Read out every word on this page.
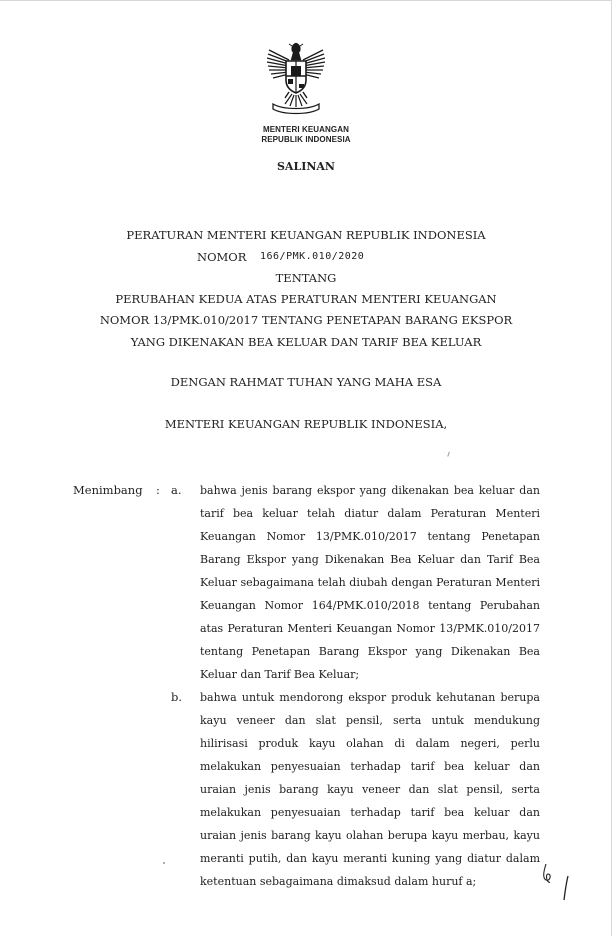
MENTERI KEUANGAN
REPUBLIK INDONESIA
SALINAN
PERATURAN MENTERI KEUANGAN REPUBLIK INDONESIA
NOMOR 166/PMK.010/2020
TENTANG
PERUBAHAN KEDUA ATAS PERATURAN MENTERI KEUANGAN
NOMOR 13/PMK.010/2017 TENTANG PENETAPAN BARANG EKSPOR
YANG DIKENAKAN BEA KELUAR DAN TARIF BEA KELUAR
DENGAN RAHMAT TUHAN YANG MAHA ESA
MENTERI KEUANGAN REPUBLIK INDONESIA,
Menimbang : a. bahwa jenis barang ekspor yang dikenakan bea keluar dan
tarif bea keluar telah diatur dalam Peraturan Menteri
Keuangan Nomor 13/PMK.010/2017 tentang Penetapan
Barang Ekspor yang Dikenakan Bea Keluar dan Tarif Bea
Keluar sebagaimana telah diubah dengan Peraturan Menteri
Keuangan Nomor 164/PMK.010/2018 tentang Perubahan
atas Peraturan Menteri Keuangan Nomor 13/PMK.010/2017
tentang Penetapan Barang Ekspor yang Dikenakan Bea
Keluar dan Tarif Bea Keluar;
b. bahwa untuk mendorong ekspor produk kehutanan berupa
kayu veneer dan slat pensil, serta untuk mendukung
hilirisasi produk kayu olahan di dalam negeri, perlu
melakukan penyesuaian terhadap tarif bea keluar dan
uraian jenis barang kayu veneer dan slat pensil, serta
melakukan penyesuaian terhadap tarif bea keluar dan
uraian jenis barang kayu olahan berupa kayu merbau, kayu
meranti putih, dan kayu meranti kuning yang diatur dalam
ketentuan sebagaimana dimaksud dalam huruf a;
